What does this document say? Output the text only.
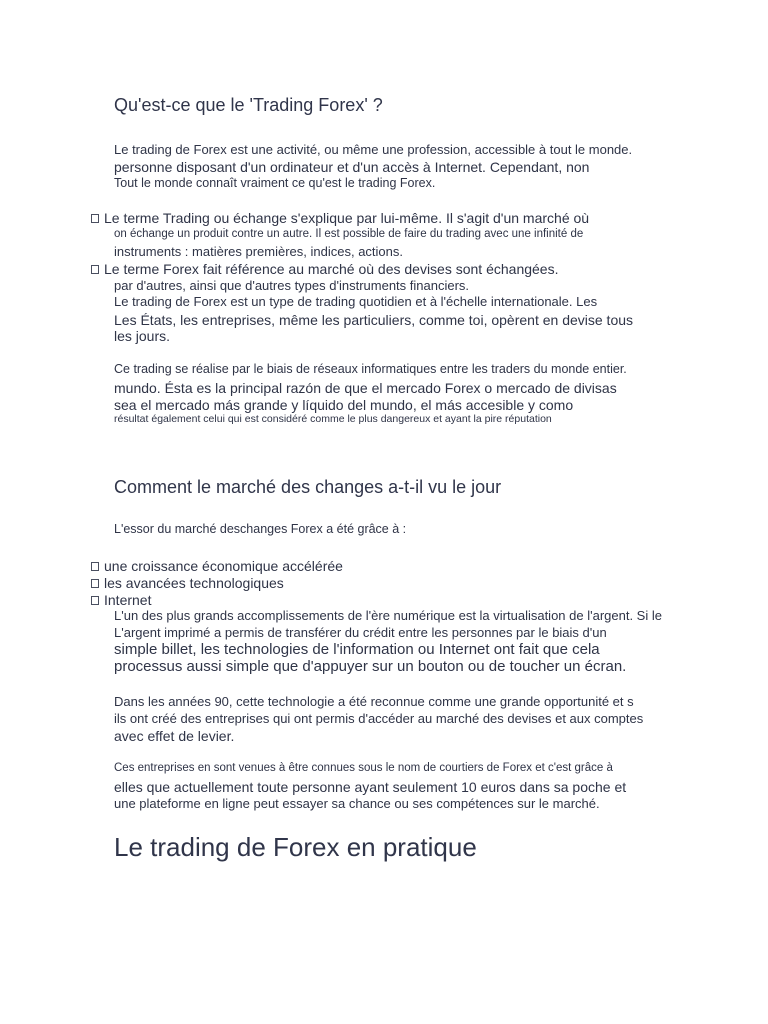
Qu'est-ce que le 'Trading Forex' ?
Le trading de Forex est une activité, ou même une profession, accessible à tout le monde.
personne disposant d'un ordinateur et d'un accès à Internet. Cependant, non
Tout le monde connaît vraiment ce qu'est le trading Forex.
Le terme Trading ou échange s'explique par lui-même. Il s'agit d'un marché où
on échange un produit contre un autre. Il est possible de faire du trading avec une infinité de
instruments : matières premières, indices, actions.
Le terme Forex fait référence au marché où des devises sont échangées.
par d'autres, ainsi que d'autres types d'instruments financiers.
Le trading de Forex est un type de trading quotidien et à l'échelle internationale. Les
Les États, les entreprises, même les particuliers, comme toi, opèrent en devise tous
les jours.
Ce trading se réalise par le biais de réseaux informatiques entre les traders du monde entier.
mundo. Ésta es la principal razón de que el mercado Forex o mercado de divisas
sea el mercado más grande y líquido del mundo, el más accesible y como
résultat également celui qui est considéré comme le plus dangereux et ayant la pire réputation
Comment le marché des changes a-t-il vu le jour
L'essor du marché deschanges Forex a été grâce à :
une croissance économique accélérée
les avancées technologiques
Internet
L'un des plus grands accomplissements de l'ère numérique est la virtualisation de l'argent. Si le
L'argent imprimé a permis de transférer du crédit entre les personnes par le biais d'un
simple billet, les technologies de l'information ou Internet ont fait que cela
processus aussi simple que d'appuyer sur un bouton ou de toucher un écran.
Dans les années 90, cette technologie a été reconnue comme une grande opportunité et s
ils ont créé des entreprises qui ont permis d'accéder au marché des devises et aux comptes
avec effet de levier.
Ces entreprises en sont venues à être connues sous le nom de courtiers de Forex et c'est grâce à
elles que actuellement toute personne ayant seulement 10 euros dans sa poche et
une plateforme en ligne peut essayer sa chance ou ses compétences sur le marché.
Le trading de Forex en pratique
